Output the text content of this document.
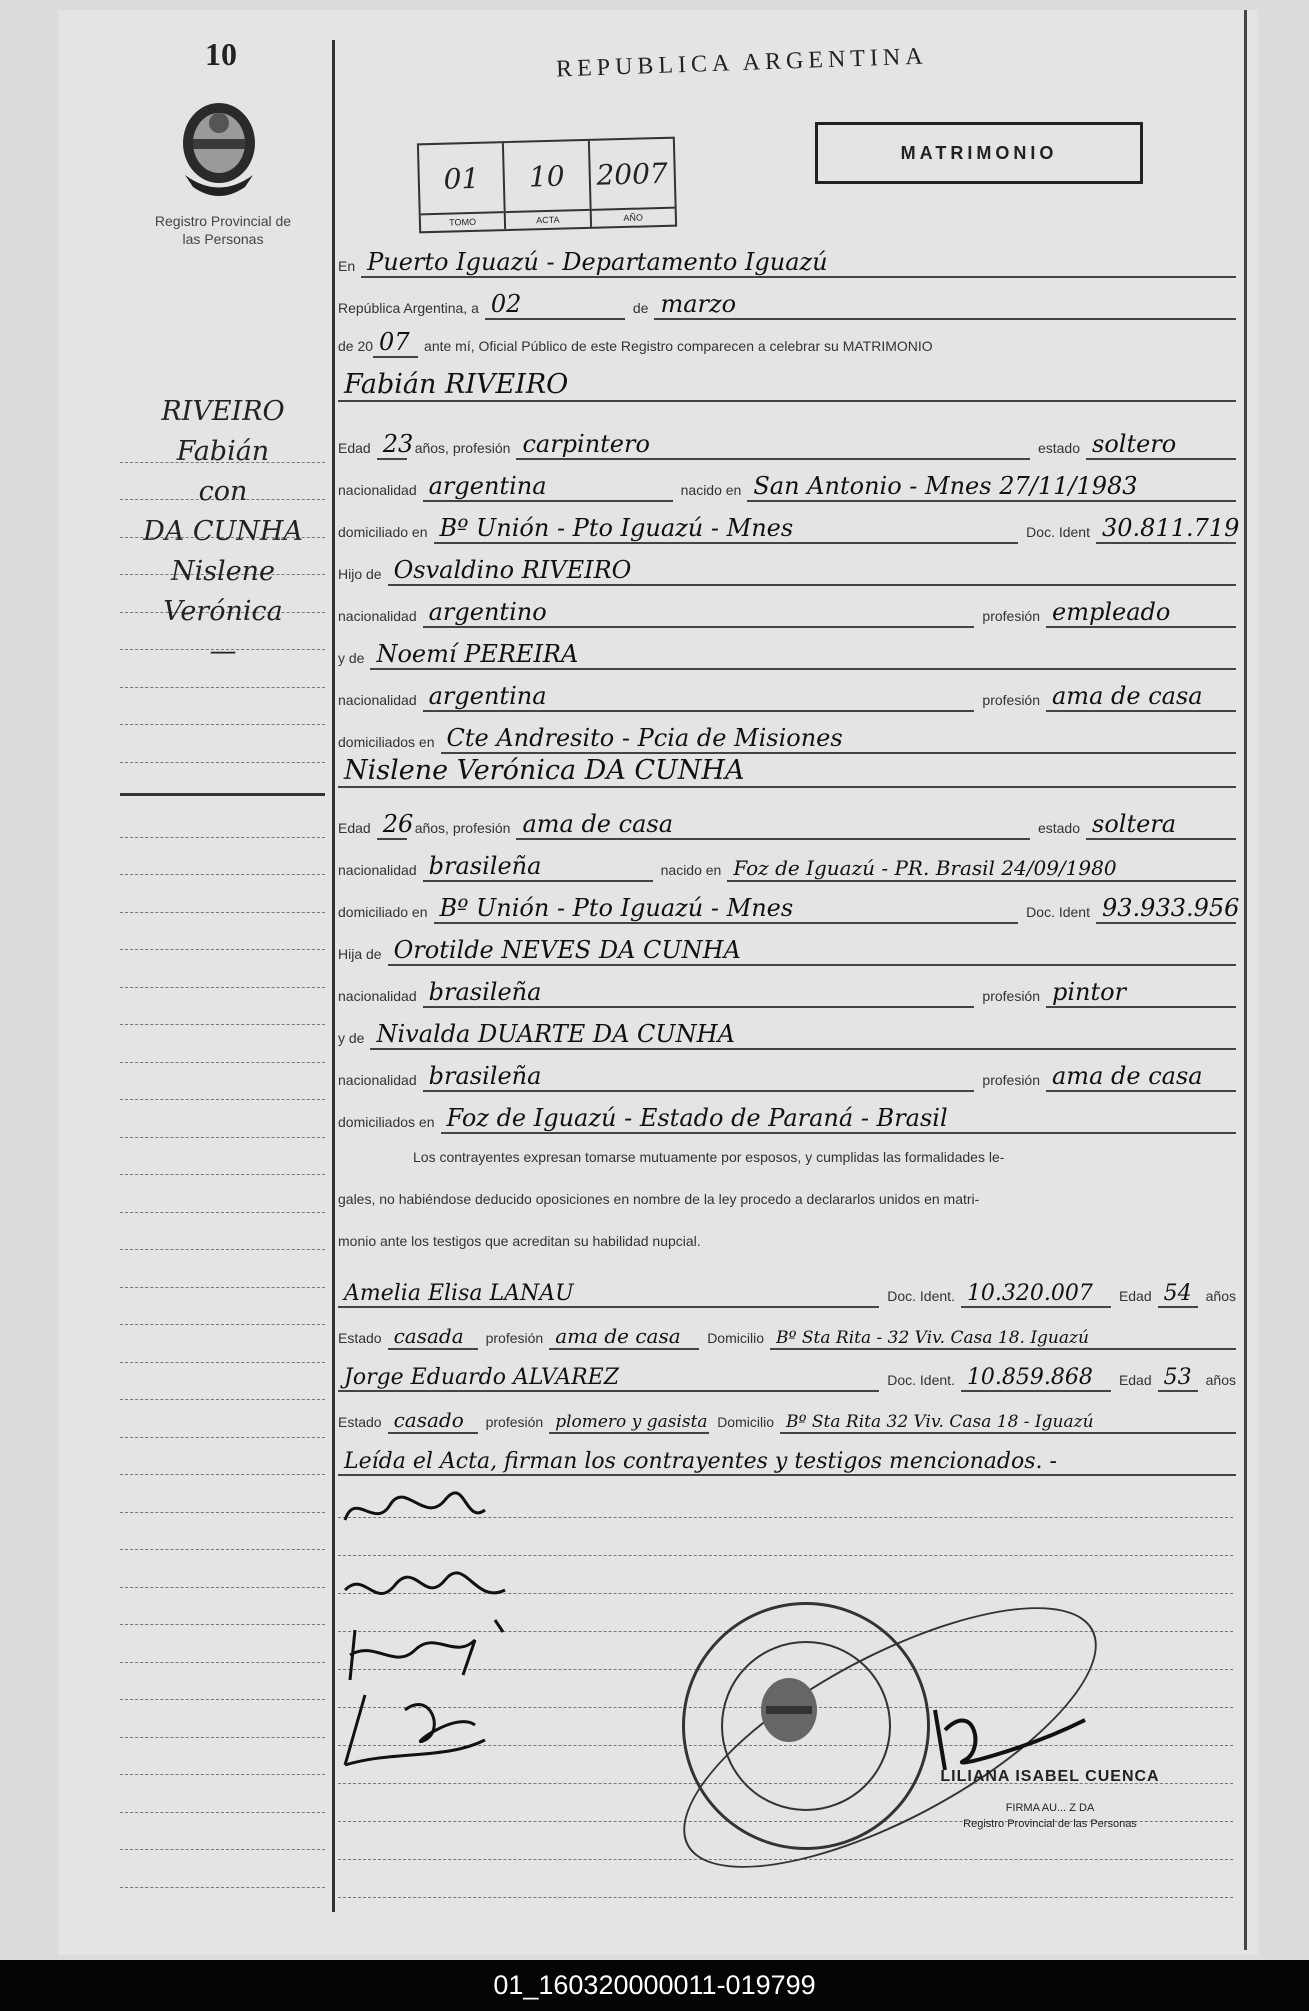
10
Registro Provincial de las Personas
REPUBLICA ARGENTINA
MATRIMONIO
01
TOMO
10
ACTA
2007
AÑO
RIVEIRO
Fabián
con
DA CUNHA
Nislene
Verónica
—
En Puerto Iguazú - Departamento Iguazú
República Argentina, a 02	de marzo
de 20 07	ante mí, Oficial Público de este Registro comparecen a celebrar su MATRIMONIO
Fabián RIVEIRO
Edad 23 años, profesión carpintero	estado soltero
nacionalidad argentina	nacido en San Antonio - Mnes 27/11/1983
domiciliado en Bº Unión - Pto Iguazú - Mnes	Doc. Ident 30.811.719
Hijo de Osvaldino RIVEIRO
nacionalidad argentino	profesión empleado
y de Noemí PEREIRA
nacionalidad argentina	profesión ama de casa
domiciliados en Cte Andresito - Pcia de Misiones
Nislene Verónica DA CUNHA
Edad 26 años, profesión ama de casa	estado soltera
nacionalidad brasileña	nacido en Foz de Iguazú - PR. Brasil 24/09/1980
domiciliado en Bº Unión - Pto Iguazú - Mnes	Doc. Ident 93.933.956
Hija de Orotilde NEVES DA CUNHA
nacionalidad brasileña	profesión pintor
y de Nivalda DUARTE DA CUNHA
nacionalidad brasileña	profesión ama de casa
domiciliados en Foz de Iguazú - Estado de Paraná - Brasil
Los contrayentes expresan tomarse mutuamente por esposos, y cumplidas las formalidades le-
gales, no habiéndose deducido oposiciones en nombre de la ley procedo a declararlos unidos en matri-
monio ante los testigos que acreditan su habilidad nupcial.
Amelia Elisa LANAU	Doc. Ident. 10.320.007	Edad 54	años
Estado casada	profesión ama de casa	Domicilio Bº Sta Rita - 32 Viv. Casa 18. Iguazú
Jorge Eduardo ALVAREZ	Doc. Ident. 10.859.868	Edad 53	años
Estado casado	profesión plomero y gasista Domicilio Bº Sta Rita 32 Viv. Casa 18 - Iguazú
Leída el Acta, firman los contrayentes y testigos mencionados. -
LILIANA ISABEL CUENCA
FIRMA AU... Z DA
Registro Provincial de las Personas
01_160320000011-019799
